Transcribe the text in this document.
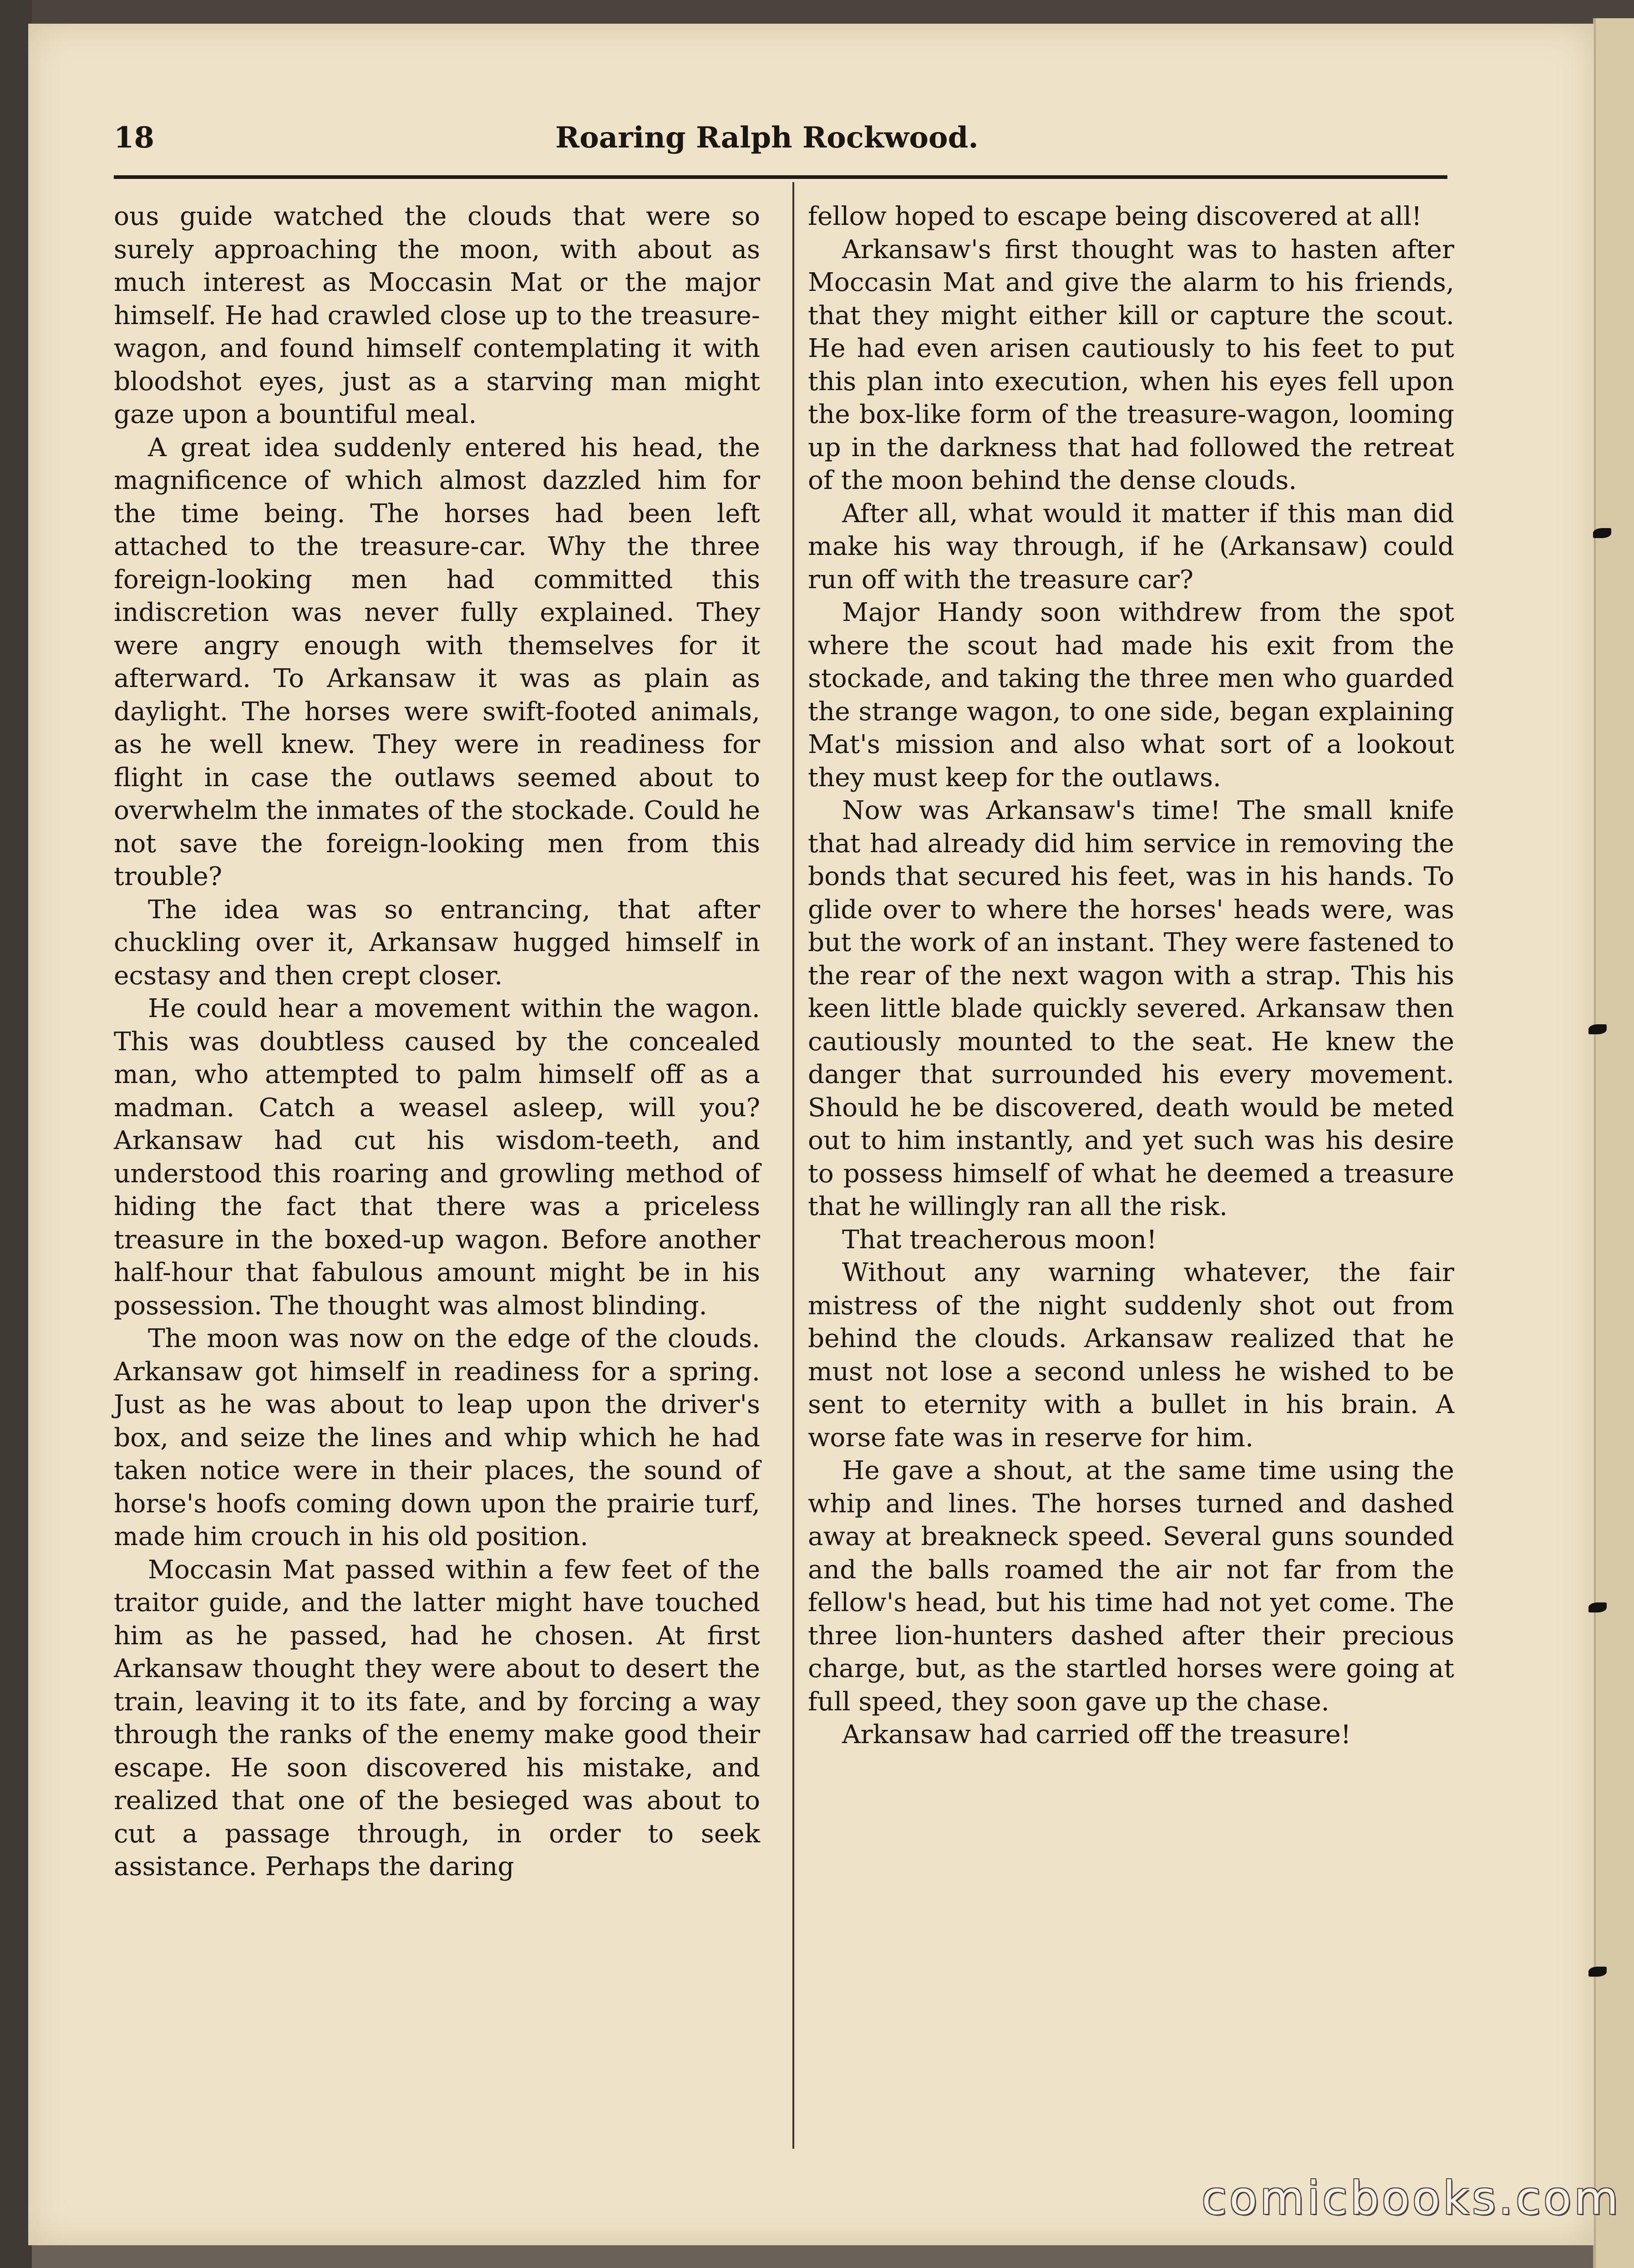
18	Roaring Ralph Rockwood.

ous guide watched the clouds that were so surely approaching the moon, with about as much interest as Moccasin Mat or the major himself. He had crawled close up to the treasure-wagon, and found himself contemplating it with bloodshot eyes, just as a starving man might gaze upon a bountiful meal.

A great idea suddenly entered his head, the magnificence of which almost dazzled him for the time being. The horses had been left attached to the treasure-car. Why the three foreign-looking men had committed this indiscretion was never fully explained. They were angry enough with themselves for it afterward. To Arkansaw it was as plain as daylight. The horses were swift-footed animals, as he well knew. They were in readiness for flight in case the outlaws seemed about to overwhelm the inmates of the stockade. Could he not save the foreign-looking men from this trouble?

The idea was so entrancing, that after chuckling over it, Arkansaw hugged himself in ecstasy and then crept closer.

He could hear a movement within the wagon. This was doubtless caused by the concealed man, who attempted to palm himself off as a madman. Catch a weasel asleep, will you? Arkansaw had cut his wisdom-teeth, and understood this roaring and growling method of hiding the fact that there was a priceless treasure in the boxed-up wagon. Before another half-hour that fabulous amount might be in his possession. The thought was almost blinding.

The moon was now on the edge of the clouds. Arkansaw got himself in readiness for a spring. Just as he was about to leap upon the driver's box, and seize the lines and whip which he had taken notice were in their places, the sound of horse's hoofs coming down upon the prairie turf, made him crouch in his old position.

Moccasin Mat passed within a few feet of the traitor guide, and the latter might have touched him as he passed, had he chosen. At first Arkansaw thought they were about to desert the train, leaving it to its fate, and by forcing a way through the ranks of the enemy make good their escape. He soon discovered his mistake, and realized that one of the besieged was about to cut a passage through, in order to seek assistance. Perhaps the daring

fellow hoped to escape being discovered at all!

Arkansaw's first thought was to hasten after Moccasin Mat and give the alarm to his friends, that they might either kill or capture the scout. He had even arisen cautiously to his feet to put this plan into execution, when his eyes fell upon the box-like form of the treasure-wagon, looming up in the darkness that had followed the retreat of the moon behind the dense clouds.

After all, what would it matter if this man did make his way through, if he (Arkansaw) could run off with the treasure car?

Major Handy soon withdrew from the spot where the scout had made his exit from the stockade, and taking the three men who guarded the strange wagon, to one side, began explaining Mat's mission and also what sort of a lookout they must keep for the outlaws.

Now was Arkansaw's time! The small knife that had already did him service in removing the bonds that secured his feet, was in his hands. To glide over to where the horses' heads were, was but the work of an instant. They were fastened to the rear of the next wagon with a strap. This his keen little blade quickly severed. Arkansaw then cautiously mounted to the seat. He knew the danger that surrounded his every movement. Should he be discovered, death would be meted out to him instantly, and yet such was his desire to possess himself of what he deemed a treasure that he willingly ran all the risk.

That treacherous moon!

Without any warning whatever, the fair mistress of the night suddenly shot out from behind the clouds. Arkansaw realized that he must not lose a second unless he wished to be sent to eternity with a bullet in his brain. A worse fate was in reserve for him.

He gave a shout, at the same time using the whip and lines. The horses turned and dashed away at breakneck speed. Several guns sounded and the balls roamed the air not far from the fellow's head, but his time had not yet come. The three lion-hunters dashed after their precious charge, but, as the startled horses were going at full speed, they soon gave up the chase.

Arkansaw had carried off the treasure!

comicbooks.com
